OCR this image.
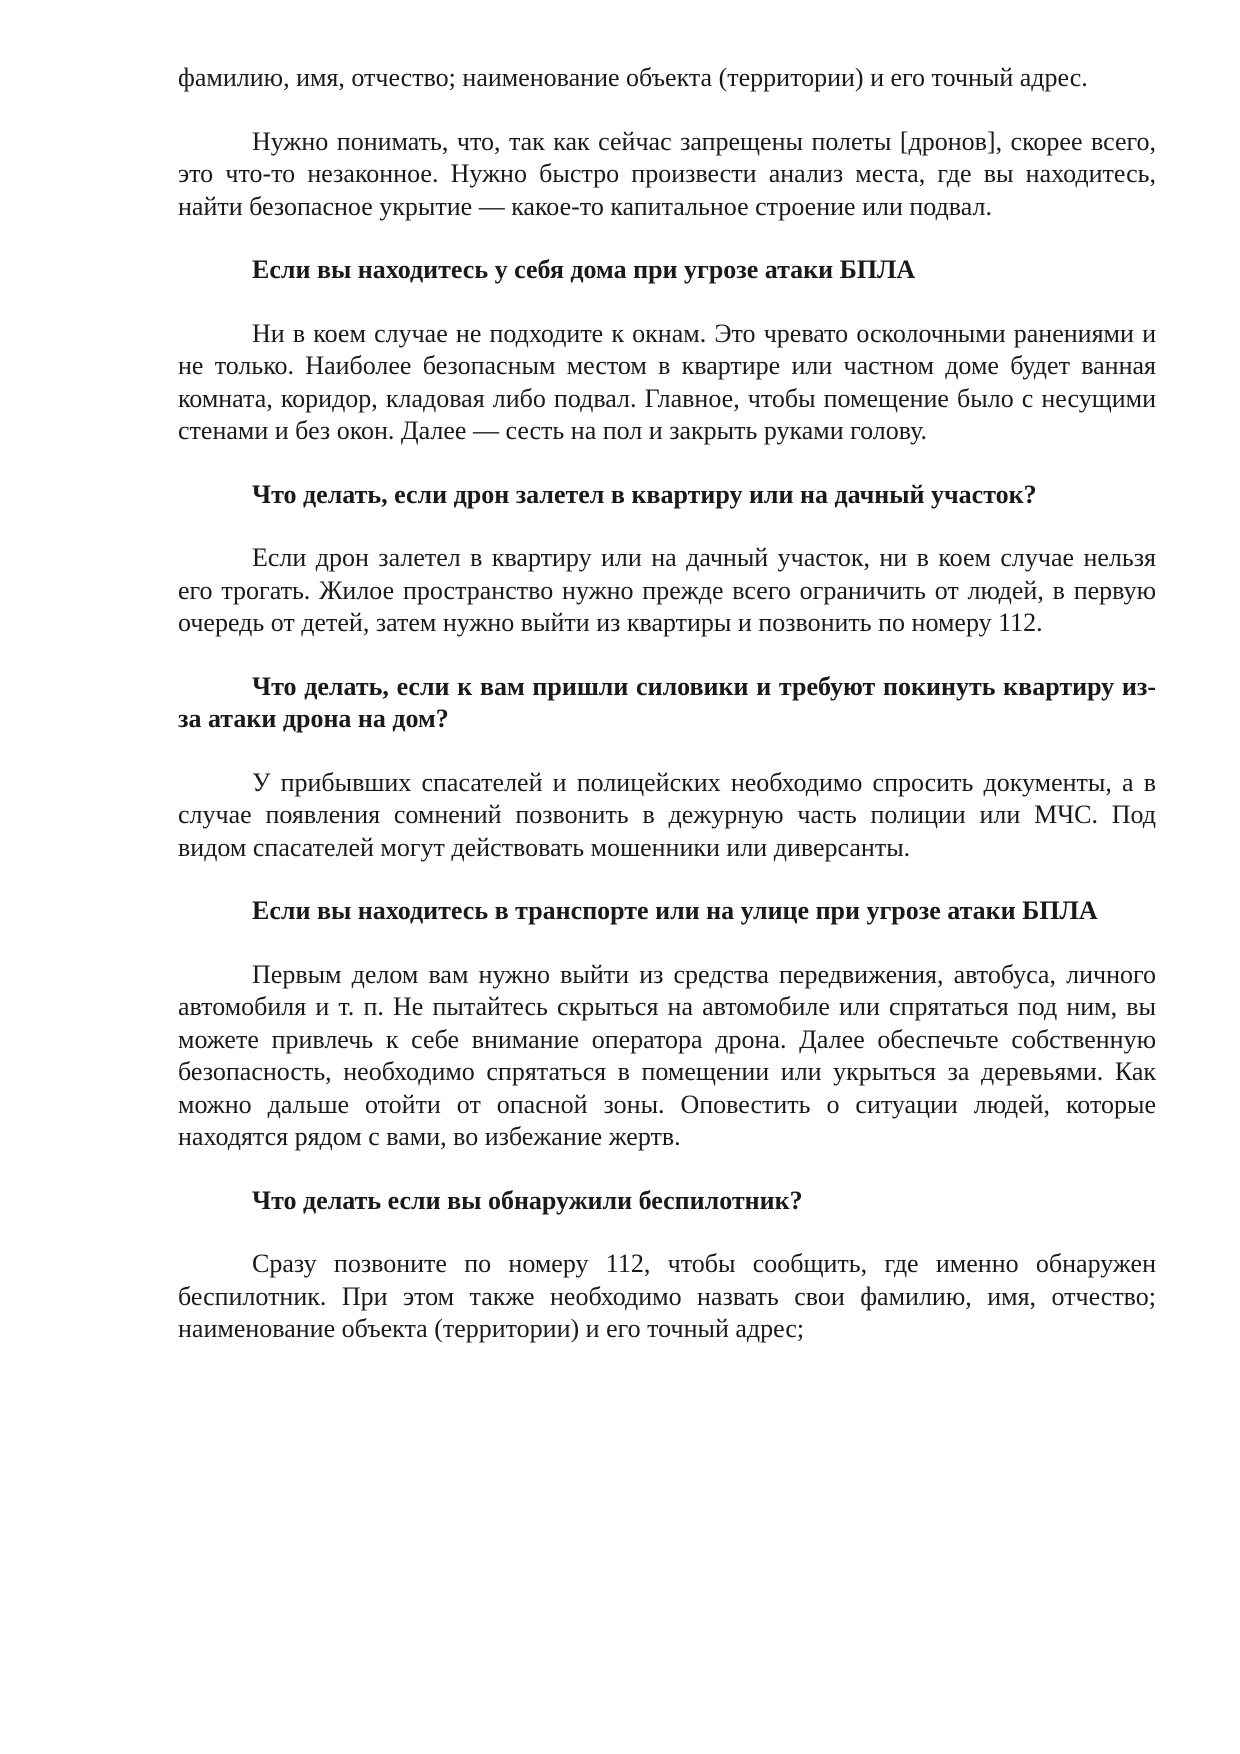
фамилию, имя, отчество; наименование объекта (территории) и его точный адрес.

Нужно понимать, что, так как сейчас запрещены полеты [дронов], скорее всего, это что-то незаконное. Нужно быстро произвести анализ места, где вы находитесь, найти безопасное укрытие — какое-то капитальное строение или подвал.

Если вы находитесь у себя дома при угрозе атаки БПЛА

Ни в коем случае не подходите к окнам. Это чревато осколочными ранениями и не только. Наиболее безопасным местом в квартире или частном доме будет ванная комната, коридор, кладовая либо подвал. Главное, чтобы помещение было с несущими стенами и без окон. Далее — сесть на пол и закрыть руками голову.

Что делать, если дрон залетел в квартиру или на дачный участок?

Если дрон залетел в квартиру или на дачный участок, ни в коем случае нельзя его трогать. Жилое пространство нужно прежде всего ограничить от людей, в первую очередь от детей, затем нужно выйти из квартиры и позвонить по номеру 112.

Что делать, если к вам пришли силовики и требуют покинуть квартиру из- за атаки дрона на дом?

У прибывших спасателей и полицейских необходимо спросить документы, а в случае появления сомнений позвонить в дежурную часть полиции или МЧС. Под видом спасателей могут действовать мошенники или диверсанты.

Если вы находитесь в транспорте или на улице при угрозе атаки БПЛА

Первым делом вам нужно выйти из средства передвижения, автобуса, личного автомобиля и т. п. Не пытайтесь скрыться на автомобиле или спрятаться под ним, вы можете привлечь к себе внимание оператора дрона. Далее обеспечьте собственную безопасность, необходимо спрятаться в помещении или укрыться за деревьями. Как можно дальше отойти от опасной зоны. Оповестить о ситуации людей, которые находятся рядом с вами, во избежание жертв.

Что делать если вы обнаружили беспилотник?

Сразу позвоните по номеру 112, чтобы сообщить, где именно обнаружен беспилотник. При этом также необходимо назвать свои фамилию, имя, отчество; наименование объекта (территории) и его точный адрес;
